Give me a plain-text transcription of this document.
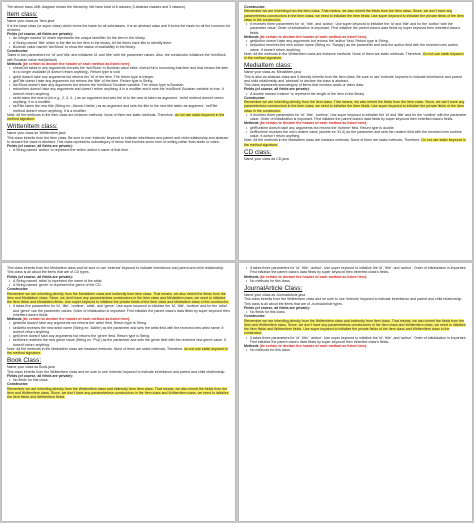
The above class UML diagram shows the hierarchy. We have total of 6 classes (3 abstract classes and 3 classes).

Item class:

Name your class as 'Item.java'

It is the base class (or super class) which forms the basis for all subclasses. It is an abstract class and it forms the basis for all the common for all items.

Fields (of course, all fields are private):

• An integer named 'id' which represents the unique identifier for the item in the library.

• A String named 'title' which is the title for the item in the library. All the items have title to identify them.

• Boolean value named 'isInStock' to show the status of availability in the library.

Constructor:

Takes in two parameters for 'id' and 'title' and initializes 'id' and 'title' with the parameter values. Also, the constructor initializes the 'isInStock' with Boolean value true(default)

Methods (be certain to declare the header of each method as listed here):

• checkOut takes in any arguments but sets the 'isInStock' to Boolean value false. checkOut is borrowing that item and that means the item is no longer available (it doesn't return anything). Return type is void

• getId doesn't take any arguments but returns the 'id' of the item. The return type is Integer.

• getTitle doesn't take any arguments but returns the 'title' of the item. Return type is String.

• isInStock doesn't take any arguments but returns the 'isInStock' Boolean variable. The return type is Boolean.

• returnItem doesn't take any arguments and doesn't return anything: It is a modifier and it sets the 'isInStock' Boolean variable to true. It doesn't return anything.

• setId takes the new id (int e.g., 2, 3, 4...) as an argument and sets the id to the new id taken as argument. 'setId' method doesn't return anything. It is a modifier.

• setTitle takes the new title (String ex.: Atomic Habits ) as an argument and sets the title to the new title taken as argument. 'setTitle' method doesn't return anything. It is a modifier.

Note: All the methods in the Item class are instance methods. None of them are static methods. Therefore, do not use static keyword in the method signature.

WrittenItem class:

Name your class as 'WrittenItem.java'

This class inherits from the Item class. Be sure to use 'extends' keyword to indicate inheritance and parent and child relationship and abstract to declare the class is abstract. This class represents subcategory of items that involves some form of writing rather than audio or video.

Fields (of course, all fields are private):

• A String named 'author' to represent the writer/ author's name of that item.

Constructor:

Remember we are inheriting from the Item class. That means, we also inherit the fields from the Item class. Since, we don't have any parameterless constructors in the Item class, we need to initialize the Item fields. Use super keyword to initialize the private fields of the Item class in the constructor.

• It receives three parameters for 'id', 'title', and 'author'. Use super keyword to initialize the 'id' and 'title' and for the 'author' with the parameter value. Order of initialization is important. First initialize the parent class's data fields by super keyword then inherited class's fields.

Methods (be certain to declare the header of each method as listed here):

• getAuthor doesn't take any arguments but returns the 'author' field. Return type is String.

• setAuthor receives the new author name (String ex: 'Sanjay') as the parameter and sets the author field with the received new author name. It doesn't return anything.

Note: All the methods in the WrittenItem class are instance methods. None of them are static methods. Therefore, Do not use static keyword in the method signature.

MediaItem class:

Name your class as 'MediaItem.java'

This is also an abstract class and it directly inherits from the Item class. Be sure to use 'extends' keyword to indicate inheritance and parent and child relationship and 'abstract' to declare the class is abstract.

This class represents subcategory of items that involves audio or video data.

Fields (of course, all fields are private):

• A double named 'runtime' to represent the length of the item in the library.

Constructor:

Remember we are inheriting directly from the Item class. That means, we also inherit the fields from the Item class. Since, we don't have any parameterless constructors in the Item class, we need to initialize the Item fields. Use super keyword to initialize the private fields of the Item class in the constructor.

• It receives three parameters for 'id', 'title', 'runtime'. Use super keyword to initialize the 'id' and 'title' and for the 'runtime' with the parameter value. Order of initialization is important. First initialize the parent class's data fields by super keyword then inherited class's fields.

Methods (be certain to declare the header of each method as listed here):

• getRuntime doesn't take any arguments but returns the 'runtime' field. Return type is double.

• setRuntime receives the new runtime value (double ex: 51.0) as the parameter and sets the runtime field with the received new runtime value. It doesn't return anything.

Note: All the methods in the MediaItem class are instance methods. None of them are static methods. Therefore, Do not use static keyword in the method signature.

CD class:

Name your class as CD.java

This class inherits from the MediaItem class and be sure to use 'extends' keyword to indicate inheritance and parent and child relationship. This class is all about the items that are of CD types.

Fields (of course, all fields are private):

• A String named 'artist' to represent the name of the artist.

• A String named 'genre' to represent the genre of the CD.

Constructor:

Remember we are inheriting directly from the MediaItem class and indirectly from Item class. That means, we also inherit the fields from the Item and MediaItem class. Since, we don't have any parameterless constructors in the Item class and MediaItem class, we need to initialize the Item fields and MediaItem fields. Use super keyword to initialize the private fields of the Item class and MediaItem class in the constructor.

• It takes five parameters for 'id', 'title', 'runtime', 'artist', and 'genre'. Use super keyword to initialize the 'id', 'title', 'runtime' and for the 'artist' and 'genre' use the parameter values. Order of initialization is important. First initialize the parent class's data fields by super keyword then inherited class's fields.

Methods (be certain to declare the header of each method as listed here):

• getArtist doesn't take any arguments but returns the 'artist' field. Return type is String.

• setArtist receives the new artist name (String ex: 'Adele') as the parameter and sets the artist field with the received new artist name. It doesn't return anything.

• getGenre doesn't take any arguments but returns the 'genre' field. Return type is String.

• setGenre receives the new genre value (String ex: 'Pop') as the parameter and sets the genre field with the received new genre value. It doesn't return anything.

Note: All the methods in the MediaItem class are instance methods. None of them are static methods. Therefore, do not use static keyword in the method signature.

Book Class:

Name your class as Book.java

This class inherits from the WrittenItem class and be sure to use 'extends' keyword to indicate inheritance and parent and child relationship.

Fields (of course, all fields are private):

• No fields for this class.

Constructor:

Remember we are inheriting directly from the WrittenItem class and indirectly from Item class. That means, we also inherit the fields from the Item and WrittenItem class. Since, we don't have any parameterless constructors in the Item class and WrittenItem class, we need to initialize the Item fields and WrittenItem fields.

• It takes three parameters for 'id', 'title', 'author'. Use super keyword to initialize the 'id', 'title', and 'author'. Order of initialization is important. First initialize the parent class's data fields by super keyword then inherited class's fields.

Methods (be certain to declare the header of each method as listed here):

• No methods for this class.

JournalArticle Class:

Name your class as JournalArticle.java

This class inherits from the WrittenItem class and be sure to use 'extends' keyword to indicate inheritance and parent and child relationship. This class is all about the items that are of JournalArticle types.

Fields (of course, all fields are private):

• No fields for this class.

Constructor:

Remember we are inheriting directly from the WrittenItem class and indirectly from Item class. That means, we also inherit the fields from the Item and WrittenItem class. Since, we don't have any parameterless constructors in the Item class and WrittenItem class, we need to initialize the Item fields and WrittenItem fields. Use super keyword to initialize the private fields of the Item class and WrittenItem class in the constructor.

• It takes three parameters for 'id', 'title', 'author'. Use super keyword to initialize the 'id', 'title', and 'author'. Order of initialization is important. First initialize the parent class's data fields by super keyword then inherited class's fields.

Methods (be certain to declare the header of each method as listed here):

• No methods for this class.
